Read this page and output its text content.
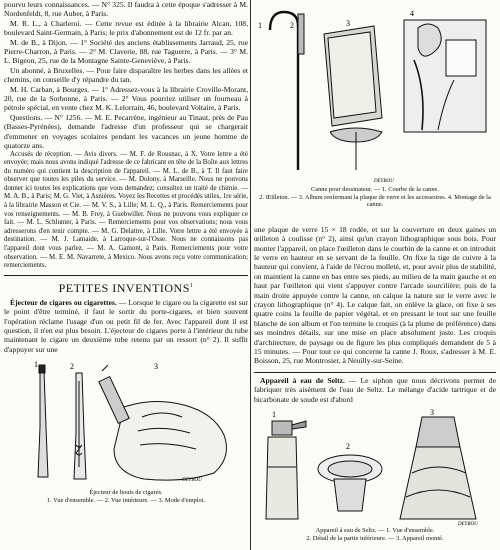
pourvu leurs connaissances. — N° 325. Il faudra à cette époque s'adresser à M. Nordenfeldt, 8, rue Auber, à Paris.

M. R. L., à Charleroi. — Cette revue est éditée à la librairie Alcan, 108, boulevard Saint-Germain, à Paris; le prix d'abonnement est de 12 fr. par an.

M. de B., à Dijon. — 1° Société des anciens établissements Jarraud, 25, rue Pierre-Charron, à Paris. — 2° M. Claverie, 88, rue Taguerre, à Paris. — 3° M. L. Bigeon, 25, rue de la Montagne Sainte-Geneviève, à Paris.

Un abonné, à Bruxelles. — Pour faire disparaître les herbes dans les allées et chemins, on conseille d'y répandre du tan.

M. H. Carban, à Bourges. — 1° Adressez-vous à la librairie Croville-Morant, 20, rue de la Sorbonne, à Paris. — 2° Vous pourriez utiliser un fourneau à pétrole spécial, en vente chez M. K. Lelorrain, 46, boulevard Voltaire, à Paris.

Questions. — N° 1256. — M. E. Pecarrène, ingénieur au Tinaut, près de Pau (Basses-Pyrénées), demande l'adresse d'un professeur qui se chargerait d'emmener en voyages scolaires pendant les vacances un jeune homme de quatorze ans.

Accusés de réception. — Avis divers. — M. F. de Rousnac, à X. Votre lettre a été envoyée; mais nous avons indiqué l'adresse de ce fabricant en tête de la Boîte aux lettres du numéro qui contient la description de l'appareil. — M. L. de B., à T. Il faut faire observer que toutes les piles du service. — M. Dolony, à Marseille. Nous ne pouvons donner ici toutes les explications que vous demandez; consultez un traité de chimie. — M. A. B., à Paris; M. G. Viet, à Asnières. Voyez les Recettes et procédés utiles, 1re série, à la librairie Masson et Cie. — M. V. S., à Lille; M. L. Q., à Paris. Remerciements pour vos renseignements. — M. B. Frey, à Guebwiller. Nous ne pouvons vous expliquer ce fait. — M. L. Schlumer, à Paris. — Remerciements pour vos observations; nous vous adresserons d'en tenir compte. — M. G. Delattre, à Lille. Votre lettre a été envoyée à destination. — M. J. Lamaide, à Larroque-sur-l'Osse. Nous ne connaissons pas l'appareil dont vous parlez. — M. A. Gamont, à Paris. Remerciements pour votre observation. — M. E. M. Navarrete, à Mexico. Nous avons reçu votre communication; remerciements.

PETITES INVENTIONS$^1$

Éjecteur de cigares ou cigarettes. — Lorsque le cigare ou la cigarette est sur le point d'être terminé, il faut le sortir du porte-cigares, et bien souvent l'opération réclame l'usage d'un ou petit fil de fer. Avec l'appareil dont il est question, il n'en est plus besoin. L'éjecteur de cigares porte à l'intérieur du tube maintenant le cigare un deuxième tube retenu par un ressort (n° 2). Il suffit d'appuyer sur une

1	2	3
DEYROU
Éjecteur de bouts de cigares.
1. Vue d'ensemble. — 2. Vue intérieure. — 3. Mode d'emploi.
1	2	3
4
DEYROU
Canne pour dessinateur. — 1. Courbe de la canne.
2. Œilleton. — 3. Album renfermant la plaque de verre et les accessoires. 4. Montage de la canne.

une plaque de verre 15 × 18 rodée, et sur la couverture en deux gaines un œilleton à coulisse (n° 2), ainsi qu'un crayon lithographique sous bois. Pour monter l'appareil, on place l'œilleton dans le courbin de la canne et on introduit le verre en hauteur en se servant de la feuille. On fixe la tige de cuivre à la hauteur qui convient, à l'aide de l'écrou molleté, et, pour avoir plus de stabilité, on maintient la canne en bas entre ses pieds, au milieu de la main gauche et en haut par l'œilleton qui vient s'appuyer contre l'arcade sourcilière; puis de la main droite appuyée contre la canne, on calque la nature sur le verre avec le crayon lithographique (n° 4). Le calque fait, on enlève la glace, on fixe à ses quatre coins la feuille de papier végétal, et en pressant le tout sur une feuille blanche de son album et l'on termine le croquis (à la plume de préférence) dans ses moindres détails, sur une mise en place absolument juste. Les croquis d'architecture, de paysage ou de figure les plus compliqués demandent de 5 à 15 minutes. — Pour tout ce qui concerne la canne J. Roux, s'adresser à M. E. Boisson, 25, rue Montrosier, à Neuilly-sur-Seine.

Appareil à eau de Seltz. — Le siphon que nous décrivons permet de fabriquer très aisément de l'eau de Seltz. Le mélange d'acide tartrique et de bicarbonate de soude est d'abord

1
2
3
DEYROU
Appareil à eau de Seltz. — 1. Vue d'ensemble.
2. Détail de la partie inférieure. — 3. Appareil monté.
